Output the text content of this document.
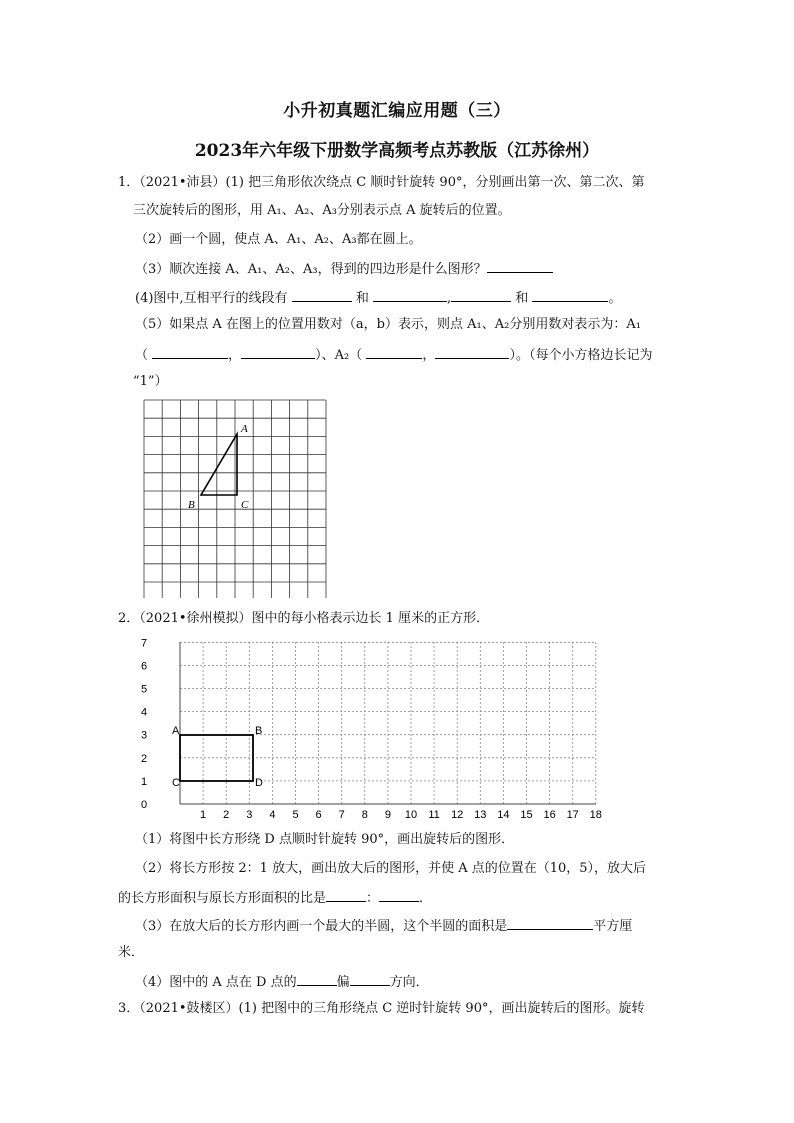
小升初真题汇编应用题（三）
2023年六年级下册数学高频考点苏教版（江苏徐州）
1．（2021•沛县）(1) 把三角形依次绕点 C 顺时针旋转 90°，分别画出第一次、第二次、第
三次旋转后的图形，用 A₁、A₂、A₃分别表示点 A 旋转后的位置。
（2）画一个圆，使点 A、A₁、A₂、A₃都在圆上。
（3）顺次连接 A、A₁、A₂、A₃，得到的四边形是什么图形？
(4)图中,互相平行的线段有	和	,	和	。
（5）如果点 A 在图上的位置用数对（a，b）表示，则点 A₁、A₂分别用数对表示为：A₁
（	，	）、A₂（	，	）。（每个小方格边长记为
“1”）
A
B	C
2．（2021•徐州模拟）图中的每小格表示边长 1 厘米的正方形．
0
1 2 3 4 5 6 7 8 9 10 11 12 13 14 15 16 17 18
1
2
3
4
5
6
7
A	B
C	D
（1）将图中长方形绕 D 点顺时针旋转 90°，画出旋转后的图形．
（2）将长方形按 2：1 放大，画出放大后的图形，并使 A 点的位置在（10，5），放大后
的长方形面积与原长方形面积的比是	：	．
（3）在放大后的长方形内画一个最大的半圆，这个半圆的面积是	平方厘
米．
（4）图中的 A 点在 D 点的	偏	方向．
3．（2021•鼓楼区）(1) 把图中的三角形绕点 C 逆时针旋转 90°，画出旋转后的图形。旋转
